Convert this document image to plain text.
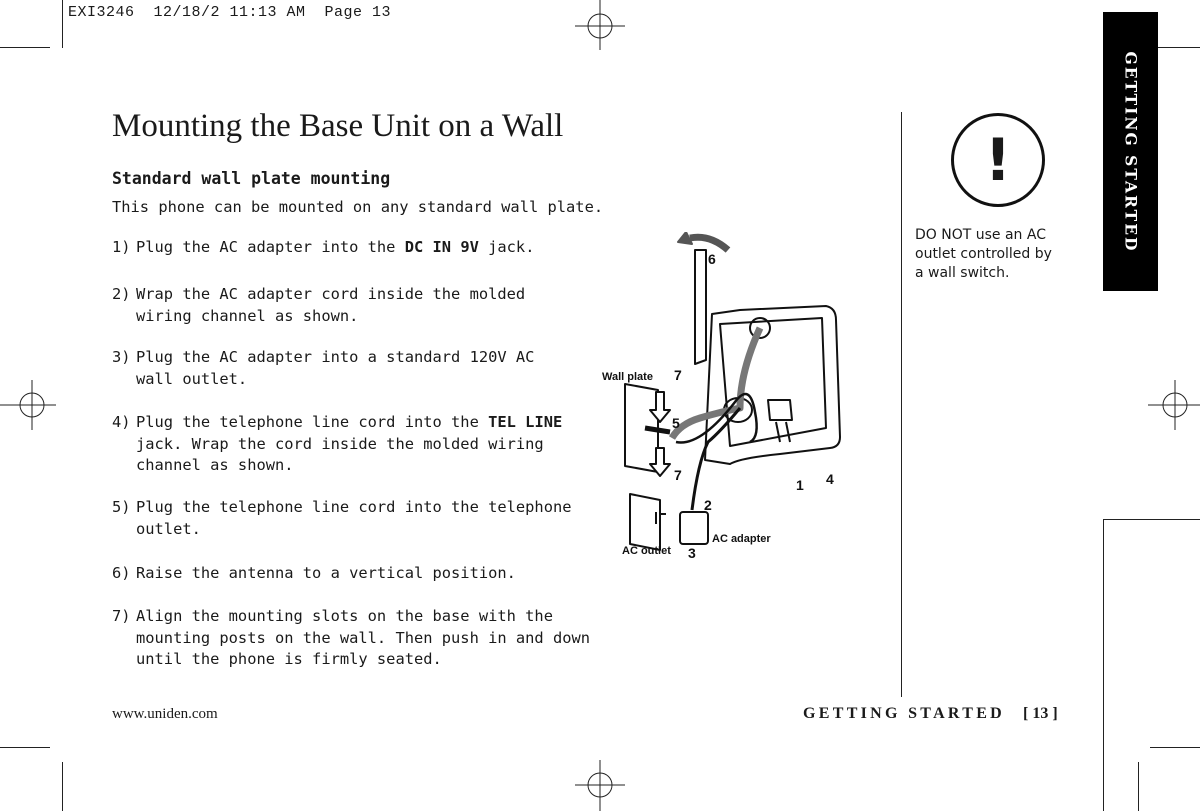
EXI3246  12/18/2 11:13 AM  Page 13
Mounting the Base Unit on a Wall
Standard wall plate mounting
This phone can be mounted on any standard wall plate.
1) Plug the AC adapter into the DC IN 9V jack.
2) Wrap the AC adapter cord inside the molded
wiring channel as shown.
3) Plug the AC adapter into a standard 120V AC
wall outlet.
4) Plug the telephone line cord into the TEL LINE
jack. Wrap the cord inside the molded wiring
channel as shown.
5) Plug the telephone line cord into the telephone
outlet.
6) Raise the antenna to a vertical position.
7) Align the mounting slots on the base with the
mounting posts on the wall. Then push in and down
until the phone is firmly seated.
Wall plate
AC outlet
AC adapter
6
7
5
7
1 4
2
3
!
DO NOT use an AC
outlet controlled by
a wall switch.
GETTING STARTED
www.uniden.com	GETTING STARTED [ 13 ]
